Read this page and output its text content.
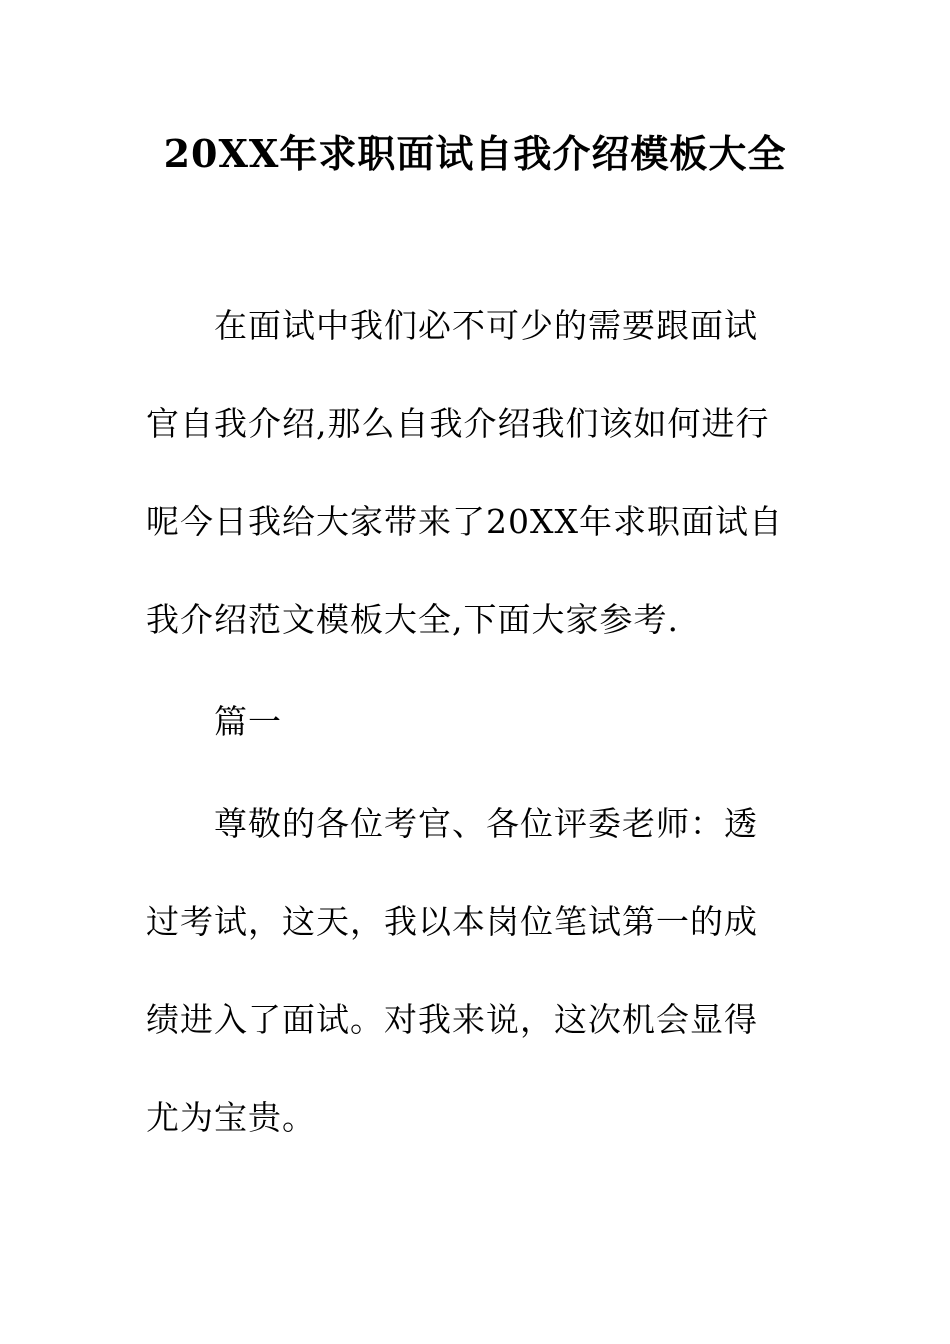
20XX年求职面试自我介绍模板大全
在面试中我们必不可少的需要跟面试
官自我介绍,那么自我介绍我们该如何进行
呢今日我给大家带来了20XX年求职面试自
我介绍范文模板大全,下面大家参考.
篇一
尊敬的各位考官、各位评委老师：透
过考试，这天，我以本岗位笔试第一的成
绩进入了面试。对我来说，这次机会显得
尤为宝贵。
